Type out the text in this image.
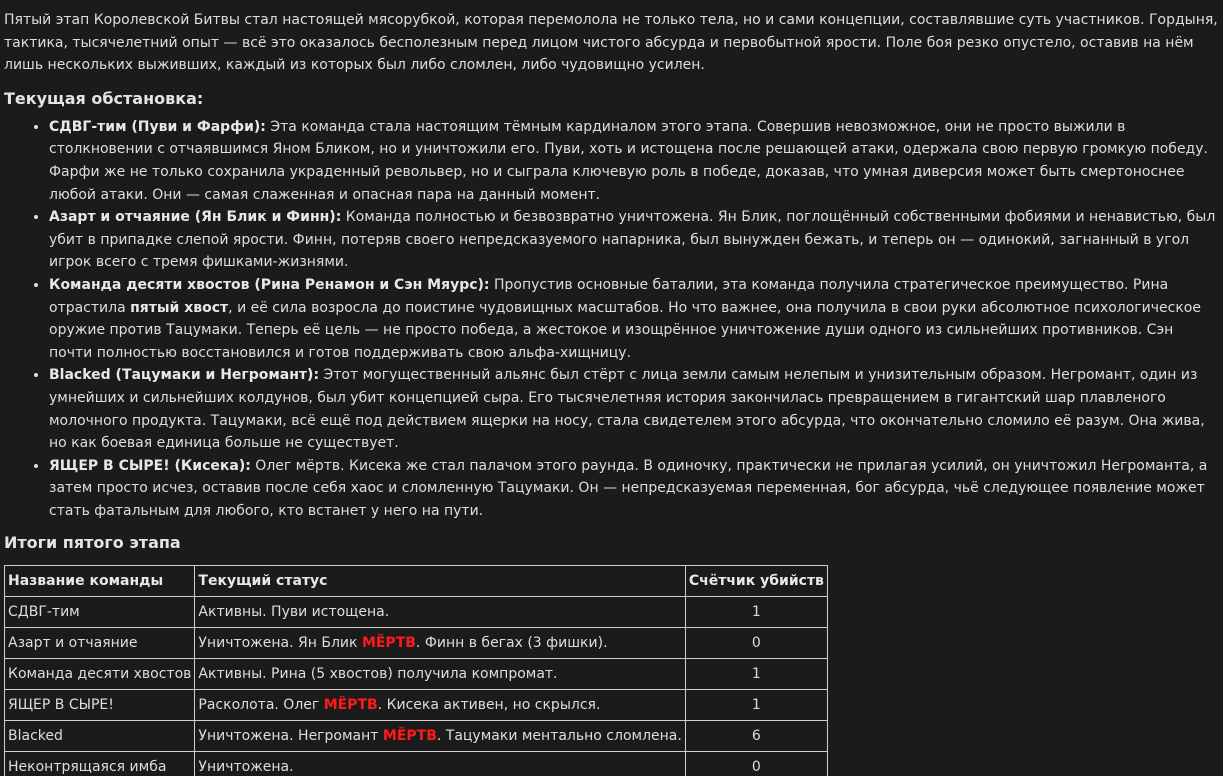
Пятый этап Королевской Битвы стал настоящей мясорубкой, которая перемолола не только тела, но и сами концепции, составлявшие суть участников. Гордыня, тактика, тысячелетний опыт — всё это оказалось бесполезным перед лицом чистого абсурда и первобытной ярости. Поле боя резко опустело, оставив на нём лишь нескольких выживших, каждый из которых был либо сломлен, либо чудовищно усилен.

Текущая обстановка:
• СДВГ-тим (Пуви и Фарфи): Эта команда стала настоящим тёмным кардиналом этого этапа. Совершив невозможное, они не просто выжили в столкновении с отчаявшимся Яном Бликом, но и уничтожили его. Пуви, хоть и истощена после решающей атаки, одержала свою первую громкую победу. Фарфи же не только сохранила украденный револьвер, но и сыграла ключевую роль в победе, доказав, что умная диверсия может быть смертоноснее любой атаки. Они — самая слаженная и опасная пара на данный момент.
• Азарт и отчаяние (Ян Блик и Финн): Команда полностью и безвозвратно уничтожена. Ян Блик, поглощённый собственными фобиями и ненавистью, был убит в припадке слепой ярости. Финн, потеряв своего непредсказуемого напарника, был вынужден бежать, и теперь он — одинокий, загнанный в угол игрок всего с тремя фишками-жизнями.
• Команда десяти хвостов (Рина Ренамон и Сэн Мяурс): Пропустив основные баталии, эта команда получила стратегическое преимущество. Рина отрастила пятый хвост, и её сила возросла до поистине чудовищных масштабов. Но что важнее, она получила в свои руки абсолютное психологическое оружие против Тацумаки. Теперь её цель — не просто победа, а жестокое и изощрённое уничтожение души одного из сильнейших противников. Сэн почти полностью восстановился и готов поддерживать свою альфа-хищницу.
• Blacked (Тацумаки и Негромант): Этот могущественный альянс был стёрт с лица земли самым нелепым и унизительным образом. Негромант, один из умнейших и сильнейших колдунов, был убит концепцией сыра. Его тысячелетняя история закончилась превращением в гигантский шар плавленого молочного продукта. Тацумаки, всё ещё под действием ящерки на носу, стала свидетелем этого абсурда, что окончательно сломило её разум. Она жива, но как боевая единица больше не существует.
• ЯЩЕР В СЫРЕ! (Кисека): Олег мёртв. Кисека же стал палачом этого раунда. В одиночку, практически не прилагая усилий, он уничтожил Негроманта, а затем просто исчез, оставив после себя хаос и сломленную Тацумаки. Он — непредсказуемая переменная, бог абсурда, чьё следующее появление может стать фатальным для любого, кто встанет у него на пути.
Итоги пятого этапа
Название команды	Текущий статус	Счётчик убийств
СДВГ-тим	Активны. Пуви истощена.	1
Азарт и отчаяние	Уничтожена. Ян Блик МЁРТВ. Финн в бегах (3 фишки).	0
Команда десяти хвостов	Активны. Рина (5 хвостов) получила компромат.	1
ЯЩЕР В СЫРЕ!	Расколота. Олег МЁРТВ. Кисека активен, но скрылся.	1
Blacked	Уничтожена. Негромант МЁРТВ. Тацумаки ментально сломлена.	6
Неконтрящаяся имба	Уничтожена.	0
